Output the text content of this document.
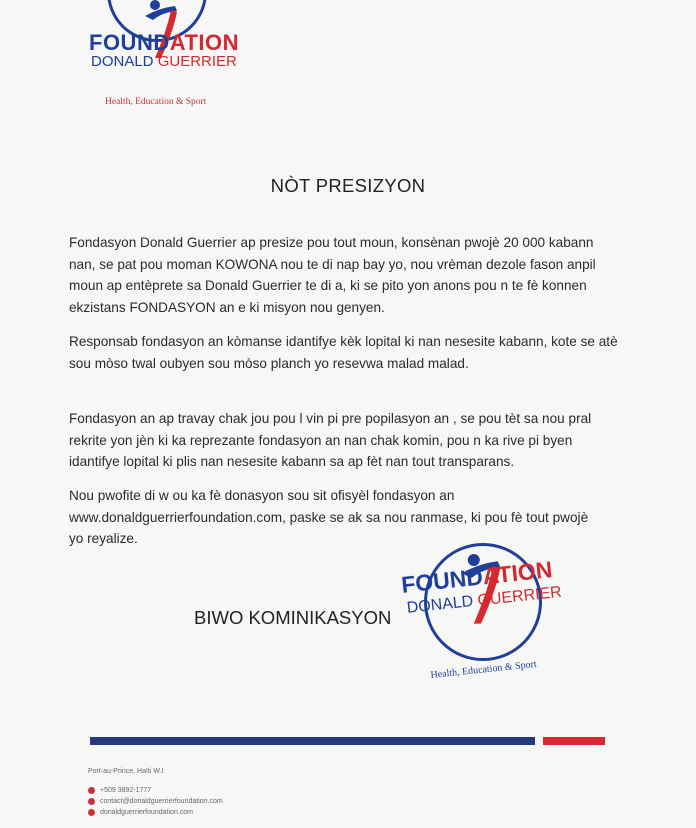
FOUNDATION
DONALD GUERRIER
Health, Education & Sport
NÒT PRESIZYON
Fondasyon Donald Guerrier ap presize pou tout moun, konsènan pwojè 20 000 kabann
nan, se pat pou moman KOWONA nou te di nap bay yo, nou vrèman dezole fason anpil
moun ap entèprete sa Donald Guerrier te di a, ki se pito yon anons pou n te fè konnen
ekzistans FONDASYON an e ki misyon nou genyen.
Responsab fondasyon an kòmanse idantifye kèk lopital ki nan nesesite kabann, kote se atè
sou mòso twal oubyen sou mòso planch yo resevwa malad malad.
Fondasyon an ap travay chak jou pou l vin pi pre popilasyon an , se pou tèt sa nou pral
rekrite yon jèn ki ka reprezante fondasyon an nan chak komin, pou n ka rive pi byen
idantifye lopital ki plis nan nesesite kabann sa ap fèt nan tout transparans.
Nou pwofite di w ou ka fè donasyon sou sit ofisyèl fondasyon an
www.donaldguerrierfoundation.com, paske se ak sa nou ranmase, ki pou fè tout pwojè
yo reyalize.
BIWO KOMINIKASYON
FOUNDATION
DONALD GUERRIER
Health, Education & Sport
Port-au-Prince, Haïti W.I
+509 3892-1777
contact@donaldguerrierfoundation.com
donaldguerrierfoundation.com
